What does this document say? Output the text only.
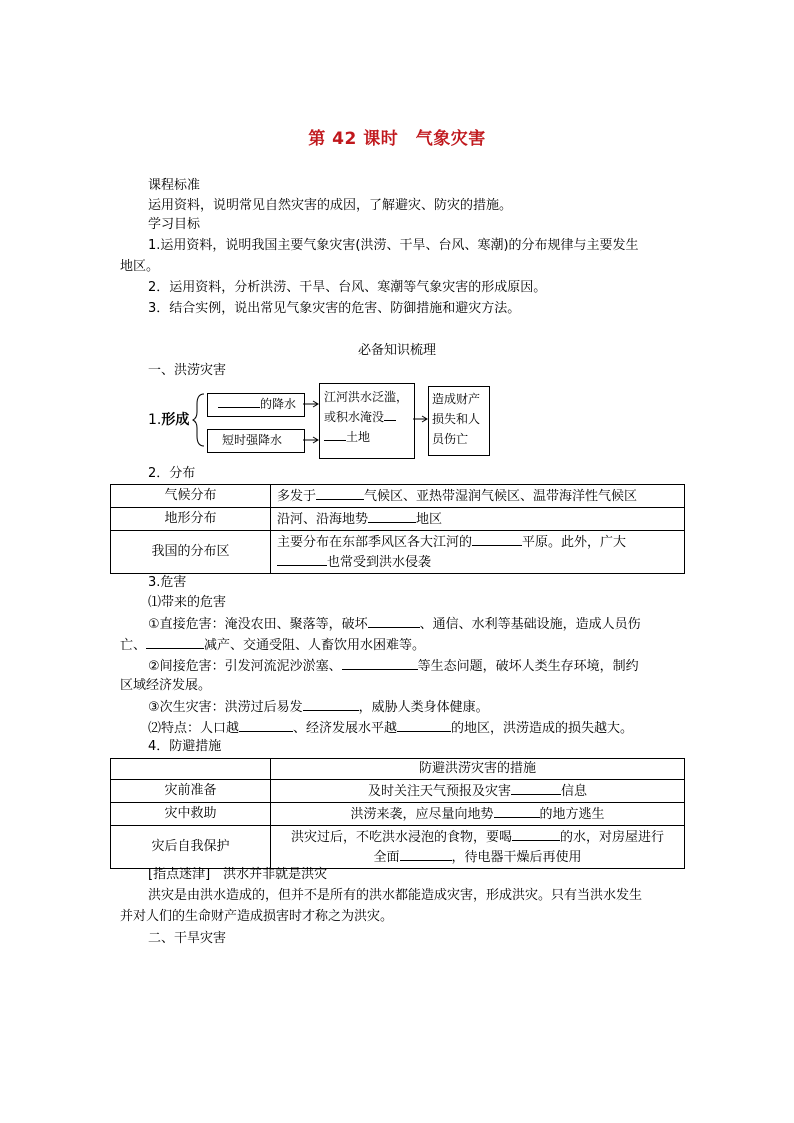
第 42 课时　气象灾害
课程标准
运用资料，说明常见自然灾害的成因，了解避灾、防灾的措施。
学习目标
1.运用资料，说明我国主要气象灾害(洪涝、干旱、台风、寒潮)的分布规律与主要发生
地区。
2．运用资料，分析洪涝、干旱、台风、寒潮等气象灾害的形成原因。
3．结合实例，说出常见气象灾害的危害、防御措施和避灾方法。
必备知识梳理
一、洪涝灾害
1.形成
的降水
短时强降水
江河洪水泛滥，
或积水淹没
土地
造成财产
损失和人
员伤亡
2．分布
气候分布	多发于 气候区、亚热带湿润气候区、温带海洋性气候区
地形分布	沿河、沿海地势 地区
我国的分布区	主要分布在东部季风区各大江河的 平原。此外，广大
也常受到洪水侵袭
3.危害
⑴带来的危害
①直接危害：淹没农田、聚落等，破坏	、通信、水利等基础设施，造成人员伤
亡、	减产、交通受阻、人畜饮用水困难等。
②间接危害：引发河流泥沙淤塞、	等生态问题，破坏人类生存环境，制约
区域经济发展。
③次生灾害：洪涝过后易发	，威胁人类身体健康。
⑵特点：人口越	、经济发展水平越	的地区，洪涝造成的损失越大。
4．防避措施
	防避洪涝灾害的措施
灾前准备	及时关注天气预报及灾害 信息
灾中救助	洪涝来袭，应尽量向地势 的地方逃生
灾后自我保护	洪灾过后，不吃洪水浸泡的食物，要喝 的水，对房屋进行
全面 ，待电器干燥后再使用
[指点迷津]　 洪水并非就是洪灾
洪灾是由洪水造成的，但并不是所有的洪水都能造成灾害，形成洪灾。只有当洪水发生
并对人们的生命财产造成损害时才称之为洪灾。
二、干旱灾害
